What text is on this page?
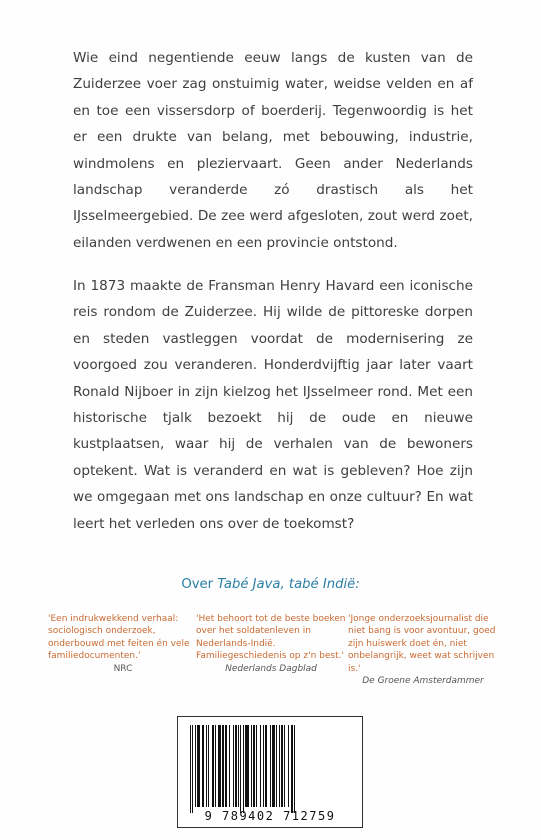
Wie eind negentiende eeuw langs de kusten van de Zuiderzee voer zag onstuimig water, weidse velden en af en toe een vissersdorp of boerderij. Tegenwoordig is het er een drukte van belang, met bebouwing, industrie, windmolens en pleziervaart. Geen ander Nederlands landschap veranderde zó drastisch als het IJsselmeergebied. De zee werd afgesloten, zout werd zoet, eilanden verdwenen en een provincie ontstond.

In 1873 maakte de Fransman Henry Havard een iconische reis rondom de Zuiderzee. Hij wilde de pittoreske dorpen en steden vastleggen voordat de modernisering ze voorgoed zou veranderen. Honderdvijftig jaar later vaart Ronald Nijboer in zijn kielzog het IJsselmeer rond. Met een historische tjalk bezoekt hij de oude en nieuwe kustplaatsen, waar hij de verhalen van de bewoners optekent. Wat is veranderd en wat is gebleven? Hoe zijn we omgegaan met ons landschap en onze cultuur? En wat leert het verleden ons over de toekomst?

Over Tabé Java, tabé Indië:
'Een indrukwekkend verhaal: sociologisch onderzoek, onderbouwd met feiten én vele familiedocumenten.'
NRC
'Het behoort tot de beste boeken over het soldatenleven in Nederlands-Indië. Familiegeschiedenis op z'n best.'
Nederlands Dagblad
'Jonge onderzoeksjournalist die niet bang is voor avontuur, goed zijn huiswerk doet én, niet onbelangrijk, weet wat schrijven is.'
De Groene Amsterdammer
9 789402 712759
